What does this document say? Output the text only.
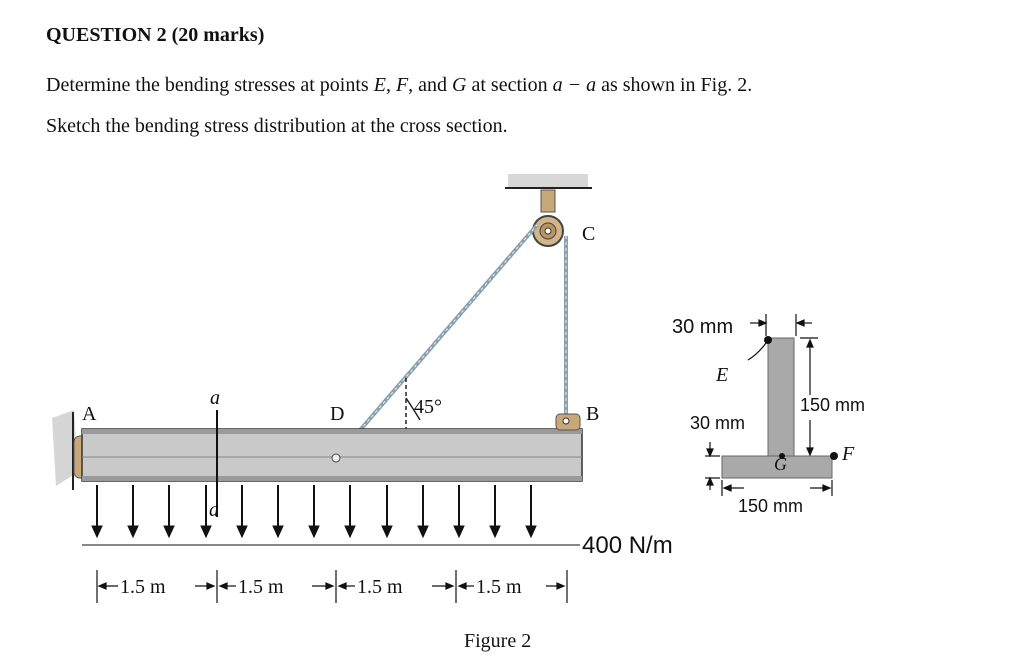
QUESTION 2 (20 marks)
Determine the bending stresses at points E, F, and G at section a − a as shown in Fig. 2.
Sketch the bending stress distribution at the cross section.
45°
A
a
a
D	B
C
400 N/m
1.5 m	1.5 m	1.5 m	1.5 m
30 mm
E
150 mm
30 mm
G	F
150 mm
Figure 2
